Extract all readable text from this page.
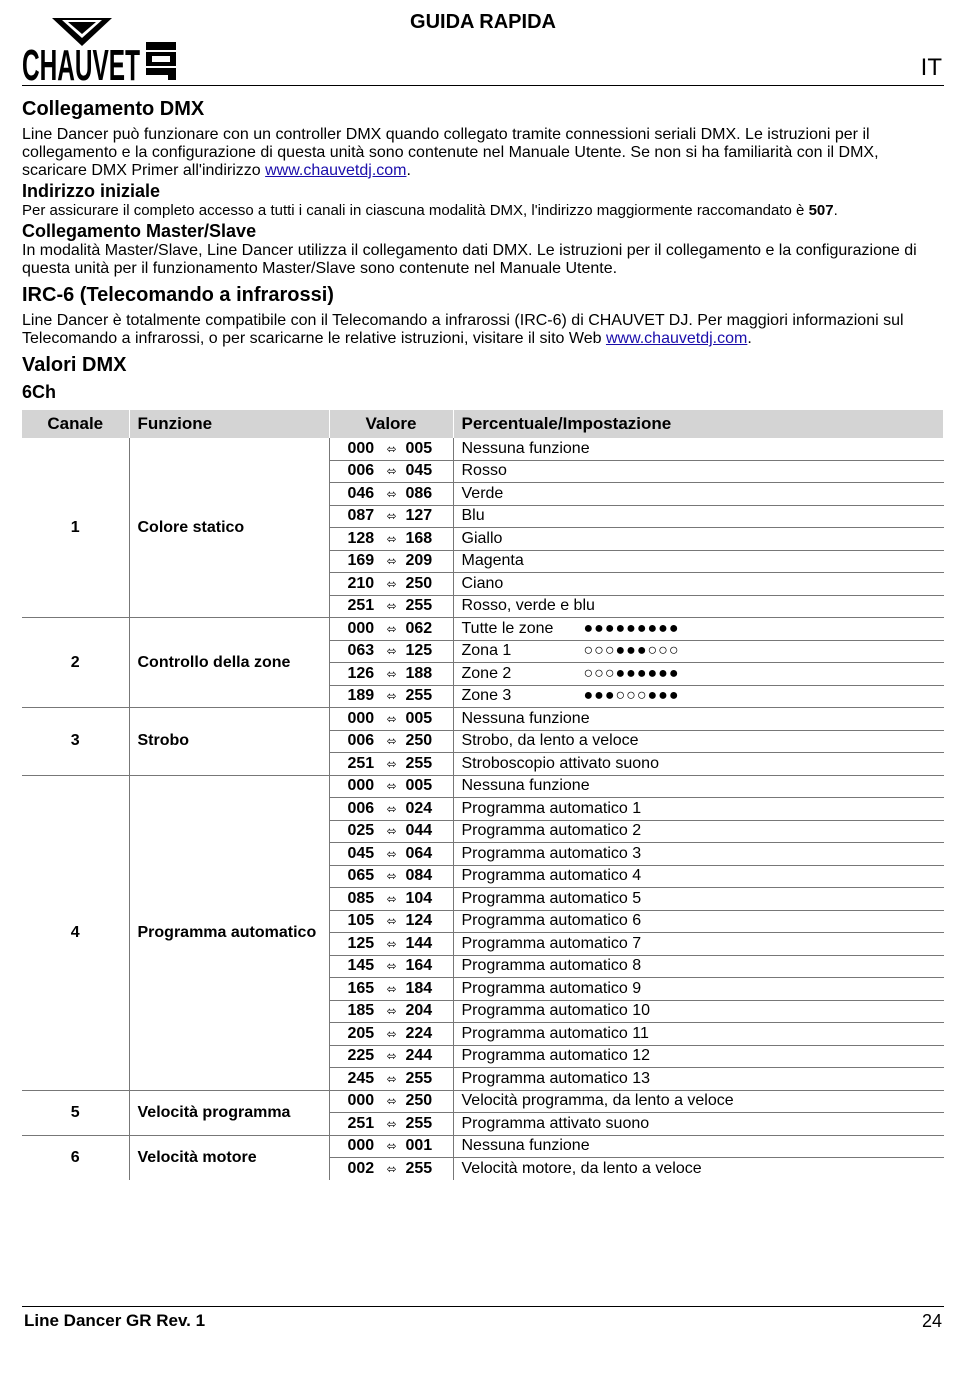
CHAUVET
GUIDA RAPIDA
IT
Collegamento DMX

Line Dancer può funzionare con un controller DMX quando collegato tramite connessioni seriali DMX. Le istruzioni per il collegamento e la configurazione di questa unità sono contenute nel Manuale Utente. Se non si ha familiarità con il DMX, scaricare DMX Primer all'indirizzo www.chauvetdj.com.

Indirizzo iniziale

Per assicurare il completo accesso a tutti i canali in ciascuna modalità DMX, l'indirizzo maggiormente raccomandato è 507.

Collegamento Master/Slave

In modalità Master/Slave, Line Dancer utilizza il collegamento dati DMX. Le istruzioni per il collegamento e la configurazione di questa unità per il funzionamento Master/Slave sono contenute nel Manuale Utente.

IRC-6 (Telecomando a infrarossi)

Line Dancer è totalmente compatibile con il Telecomando a infrarossi (IRC-6) di CHAUVET DJ. Per maggiori informazioni sul Telecomando a infrarossi, o per scaricarne le relative istruzioni, visitare il sito Web www.chauvetdj.com.

Valori DMX
6Ch
Canale	Funzione	Valore	Percentuale/Impostazione
1	Colore statico	000 ⬄ 005	Nessuna funzione
		006 ⬄ 045	Rosso
		046 ⬄ 086	Verde
		087 ⬄ 127	Blu
		128 ⬄ 168	Giallo
		169 ⬄ 209	Magenta
		210 ⬄ 250	Ciano
		251 ⬄ 255	Rosso, verde e blu
2	Controllo della zone	000 ⬄ 062	Tutte le zone ●●●●●●●●●
		063 ⬄ 125	Zona 1 ○○○●●●○○○
		126 ⬄ 188	Zone 2 ○○○●●●●●●
		189 ⬄ 255	Zone 3 ●●●○○○●●●
3	Strobo	000 ⬄ 005	Nessuna funzione
		006 ⬄ 250	Strobo, da lento a veloce
		251 ⬄ 255	Stroboscopio attivato suono
4	Programma automatico	000 ⬄ 005	Nessuna funzione
		006 ⬄ 024	Programma automatico 1
		025 ⬄ 044	Programma automatico 2
		045 ⬄ 064	Programma automatico 3
		065 ⬄ 084	Programma automatico 4
		085 ⬄ 104	Programma automatico 5
		105 ⬄ 124	Programma automatico 6
		125 ⬄ 144	Programma automatico 7
		145 ⬄ 164	Programma automatico 8
		165 ⬄ 184	Programma automatico 9
		185 ⬄ 204	Programma automatico 10
		205 ⬄ 224	Programma automatico 11
		225 ⬄ 244	Programma automatico 12
		245 ⬄ 255	Programma automatico 13
5	Velocità programma	000 ⬄ 250	Velocità programma, da lento a veloce
		251 ⬄ 255	Programma attivato suono
6	Velocità motore	000 ⬄ 001	Nessuna funzione
		002 ⬄ 255	Velocità motore, da lento a veloce
Line Dancer GR Rev. 1	24
